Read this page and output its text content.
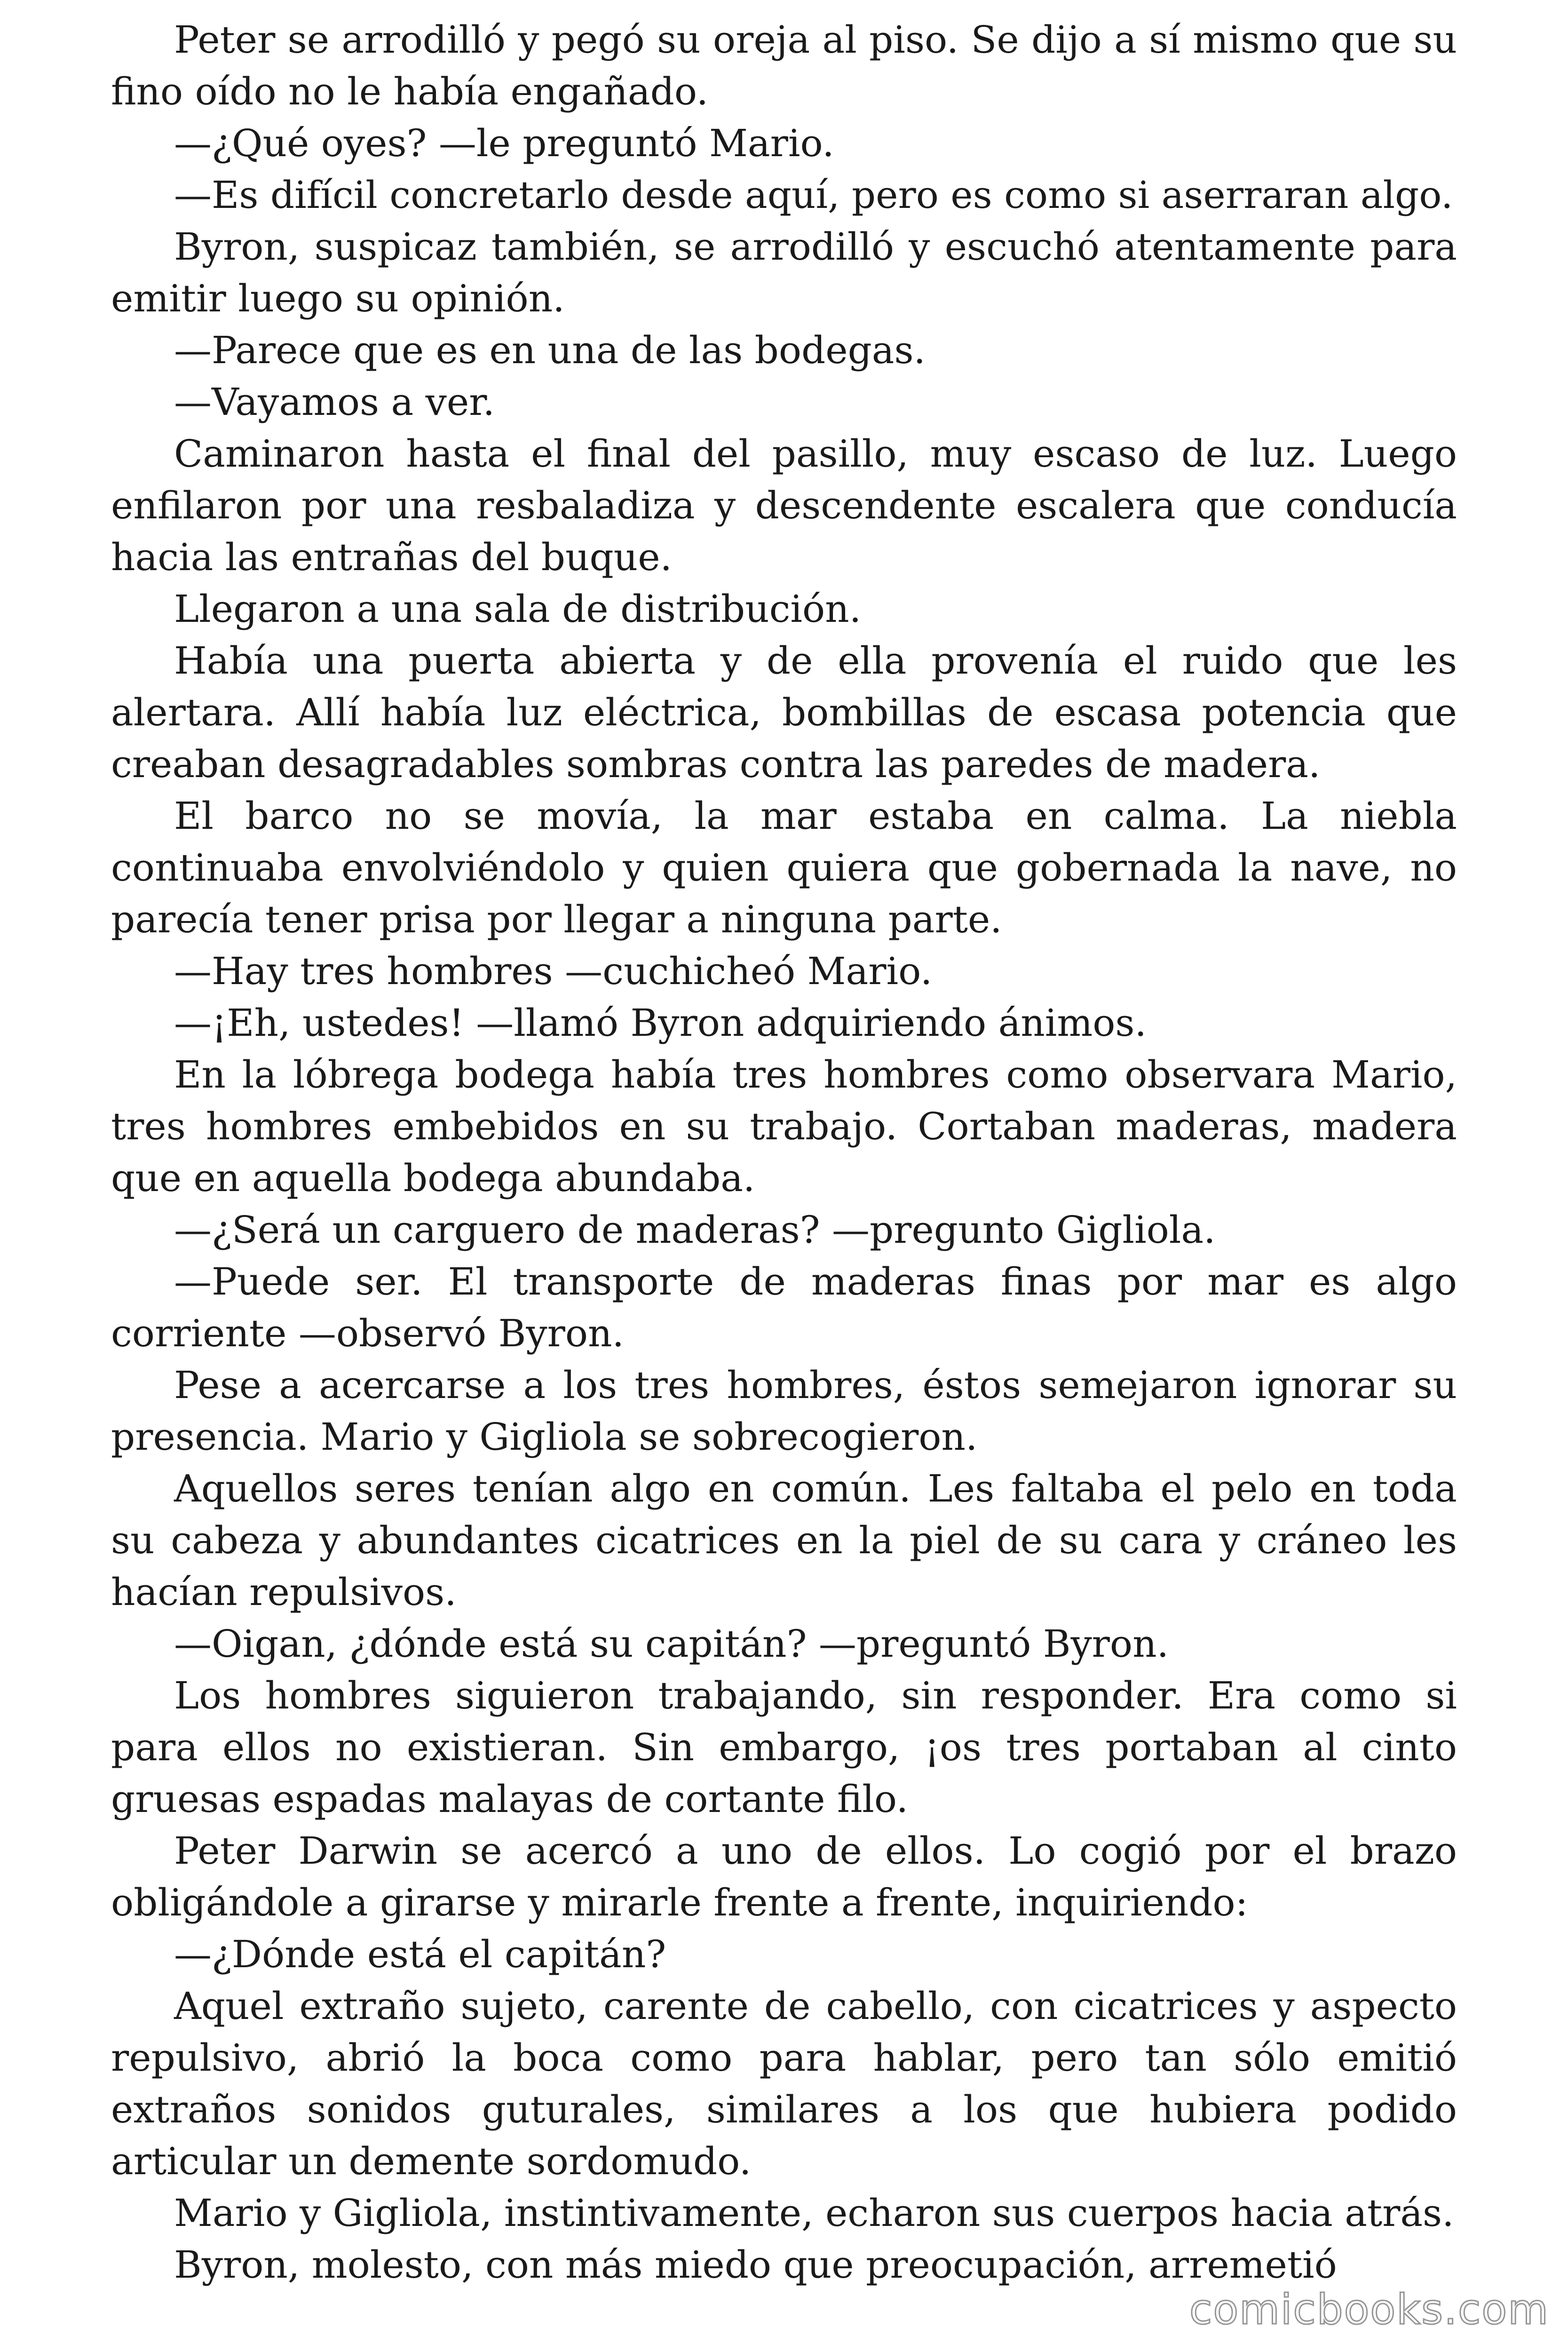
Peter se arrodilló y pegó su oreja al piso. Se dijo a sí mismo que su fino oído no le había engañado.

—¿Qué oyes? —le preguntó Mario.

—Es difícil concretarlo desde aquí, pero es como si aserraran algo.

Byron, suspicaz también, se arrodilló y escuchó atentamente para emitir luego su opinión.

—Parece que es en una de las bodegas.

—Vayamos a ver.

Caminaron hasta el final del pasillo, muy escaso de luz. Luego enfilaron por una resbaladiza y descendente escalera que conducía hacia las entrañas del buque.

Llegaron a una sala de distribución.

Había una puerta abierta y de ella provenía el ruido que les alertara. Allí había luz eléctrica, bombillas de escasa potencia que creaban desagradables sombras contra las paredes de madera.

El barco no se movía, la mar estaba en calma. La niebla continuaba envolviéndolo y quien quiera que gobernada la nave, no parecía tener prisa por llegar a ninguna parte.

—Hay tres hombres —cuchicheó Mario.

—¡Eh, ustedes! —llamó Byron adquiriendo ánimos.

En la lóbrega bodega había tres hombres como observara Mario, tres hombres embebidos en su trabajo. Cortaban maderas, madera que en aquella bodega abundaba.

—¿Será un carguero de maderas? —pregunto Gigliola.

—Puede ser. El transporte de maderas finas por mar es algo corriente —observó Byron.

Pese a acercarse a los tres hombres, éstos semejaron ignorar su presencia. Mario y Gigliola se sobrecogieron.

Aquellos seres tenían algo en común. Les faltaba el pelo en toda su cabeza y abundantes cicatrices en la piel de su cara y cráneo les hacían repulsivos.

—Oigan, ¿dónde está su capitán? —preguntó Byron.

Los hombres siguieron trabajando, sin responder. Era como si para ellos no existieran. Sin embargo, ¡os tres portaban al cinto gruesas espadas malayas de cortante filo.

Peter Darwin se acercó a uno de ellos. Lo cogió por el brazo obligándole a girarse y mirarle frente a frente, inquiriendo:

—¿Dónde está el capitán?

Aquel extraño sujeto, carente de cabello, con cicatrices y aspecto repulsivo, abrió la boca como para hablar, pero tan sólo emitió extraños sonidos guturales, similares a los que hubiera podido articular un demente sordomudo.

Mario y Gigliola, instintivamente, echaron sus cuerpos hacia atrás.

Byron, molesto, con más miedo que preocupación, arremetió

comicbooks.com
